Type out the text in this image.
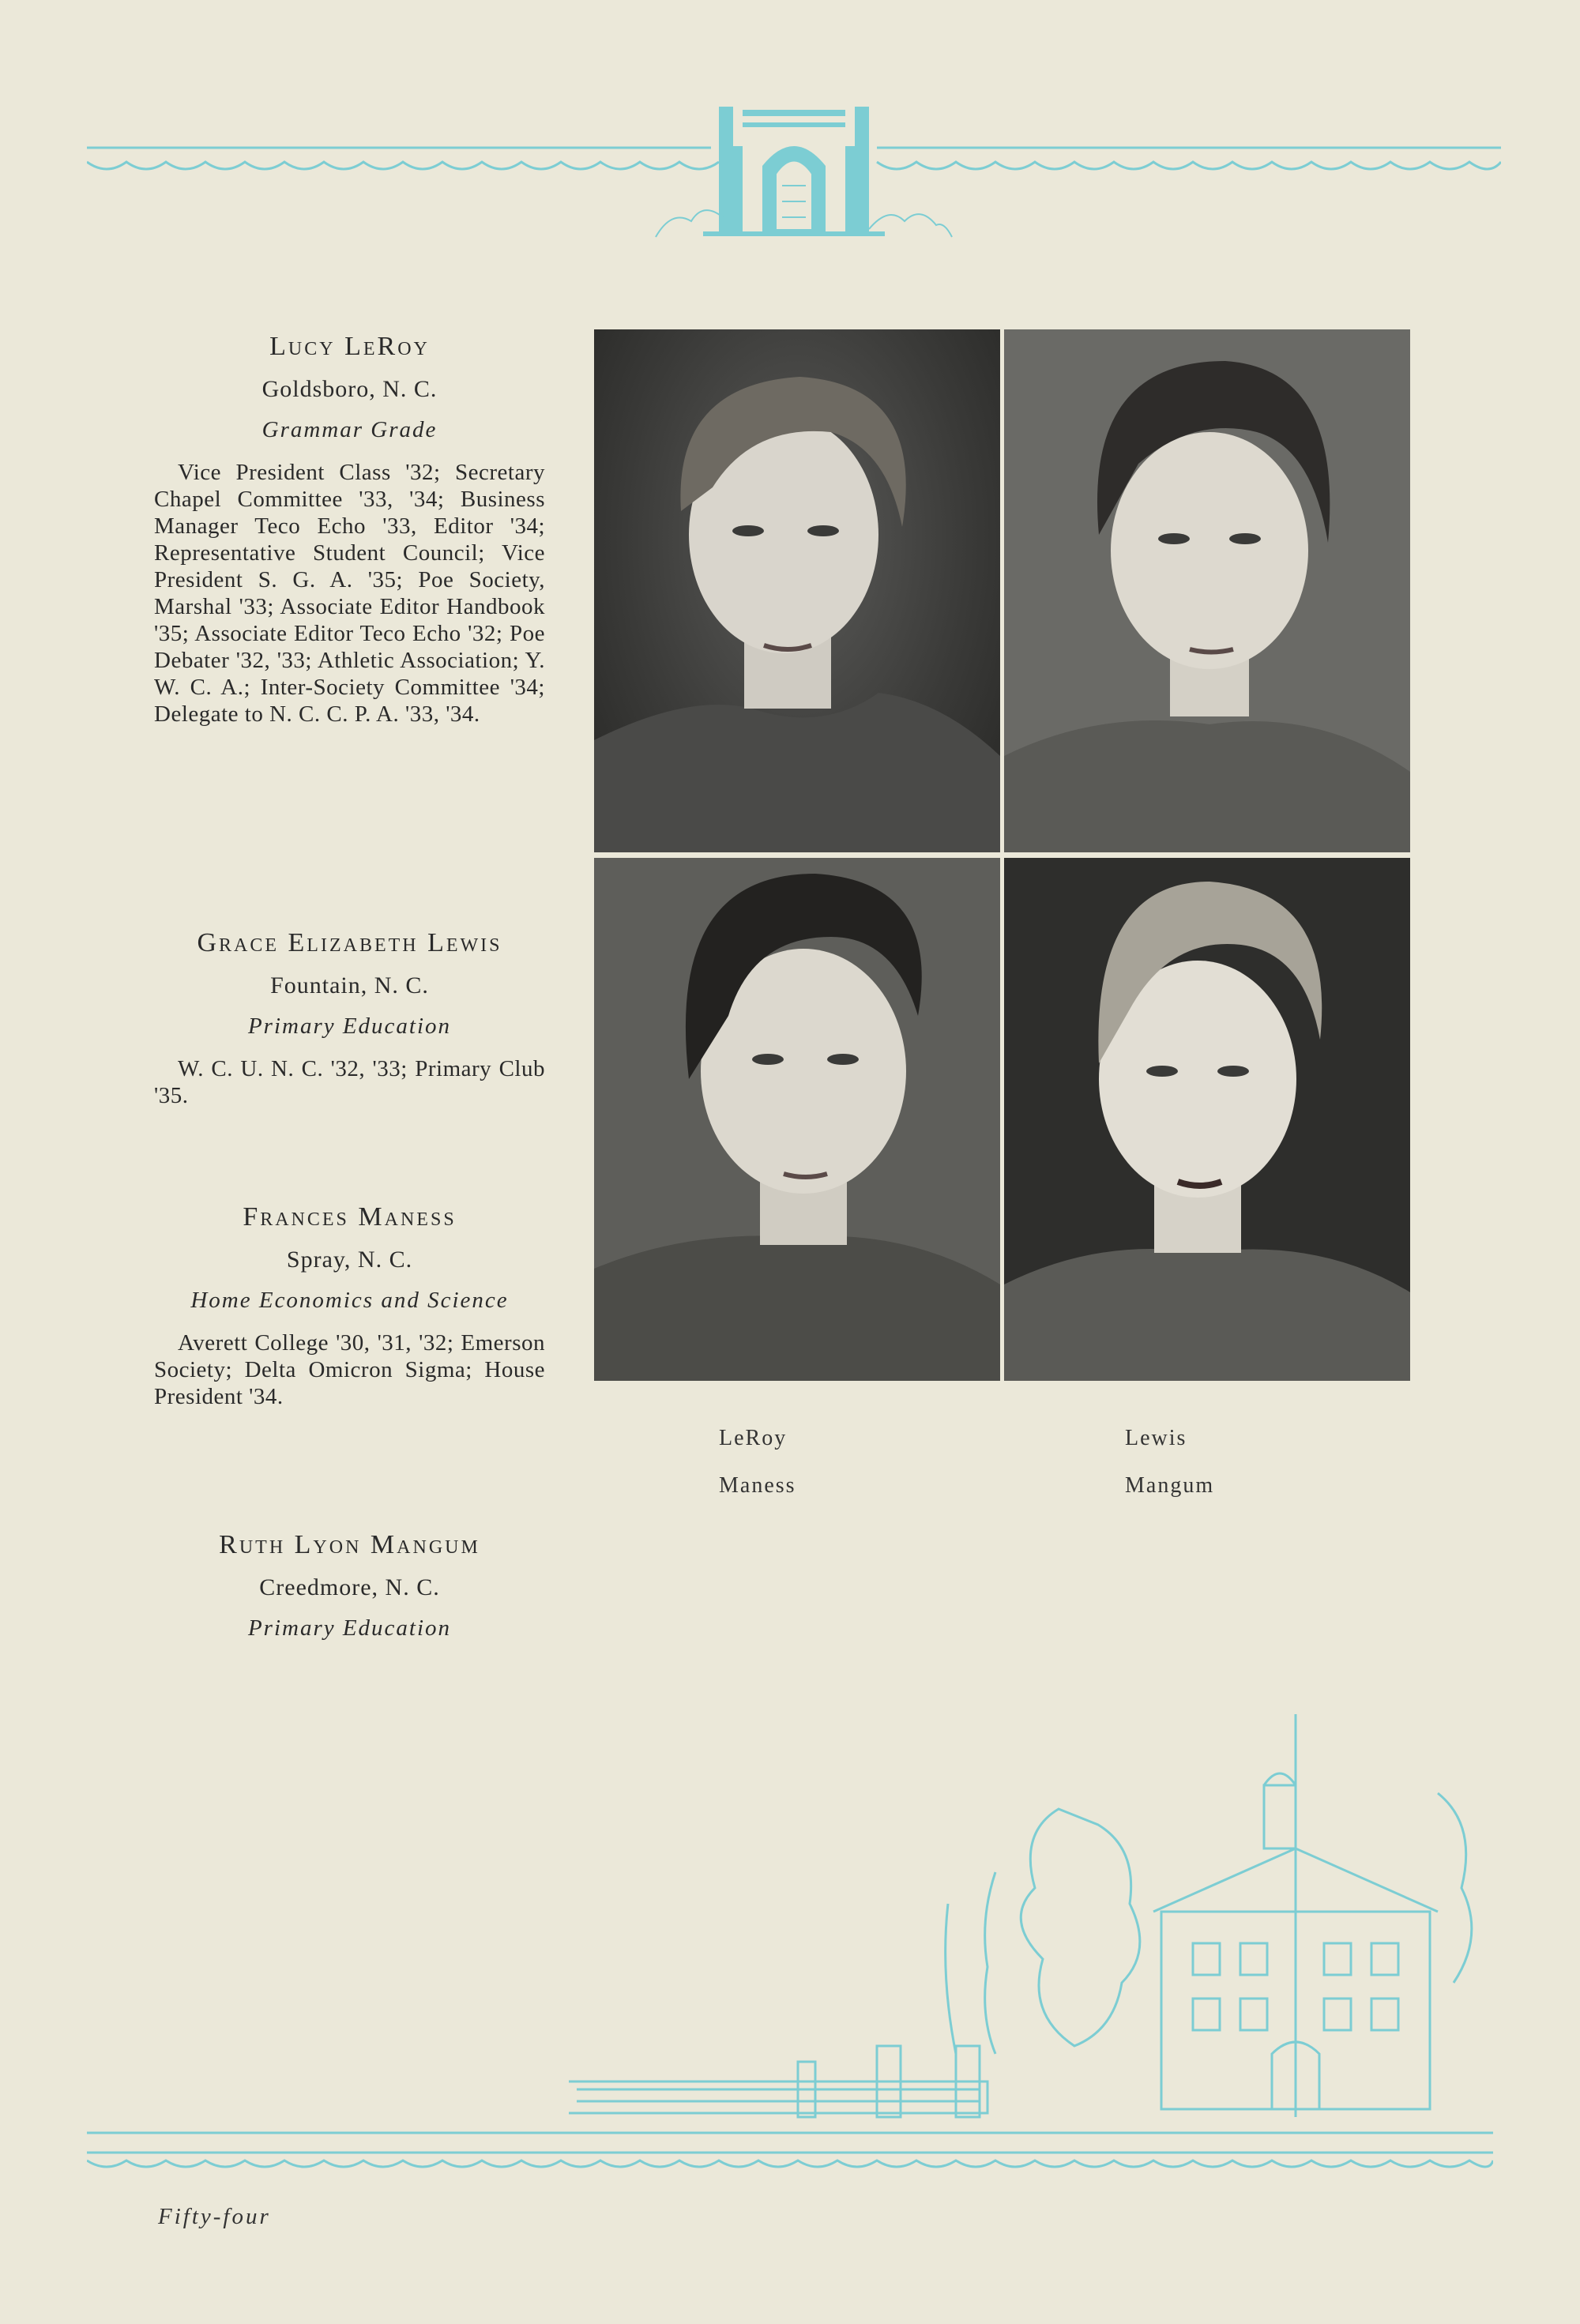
Lucy LeRoy

Goldsboro, N. C.

Grammar Grade

Vice President Class '32; Secretary Chapel Committee '33, '34; Business Manager Teco Echo '33, Editor '34; Representative Student Council; Vice President S. G. A. '35; Poe Society, Marshal '33; Associate Editor Handbook '35; Associate Editor Teco Echo '32; Poe Debater '32, '33; Athletic Association; Y. W. C. A.; Inter-Society Committee '34; Delegate to N. C. C. P. A. '33, '34.

Grace Elizabeth Lewis

Fountain, N. C.

Primary Education

W. C. U. N. C. '32, '33; Primary Club '35.

Frances Maness

Spray, N. C.

Home Economics and Science

Averett College '30, '31, '32; Emerson Society; Delta Omicron Sigma; House President '34.

Ruth Lyon Mangum

Creedmore, N. C.

Primary Education

LeRoy	Lewis
Maness	Mangum
Fifty-four
